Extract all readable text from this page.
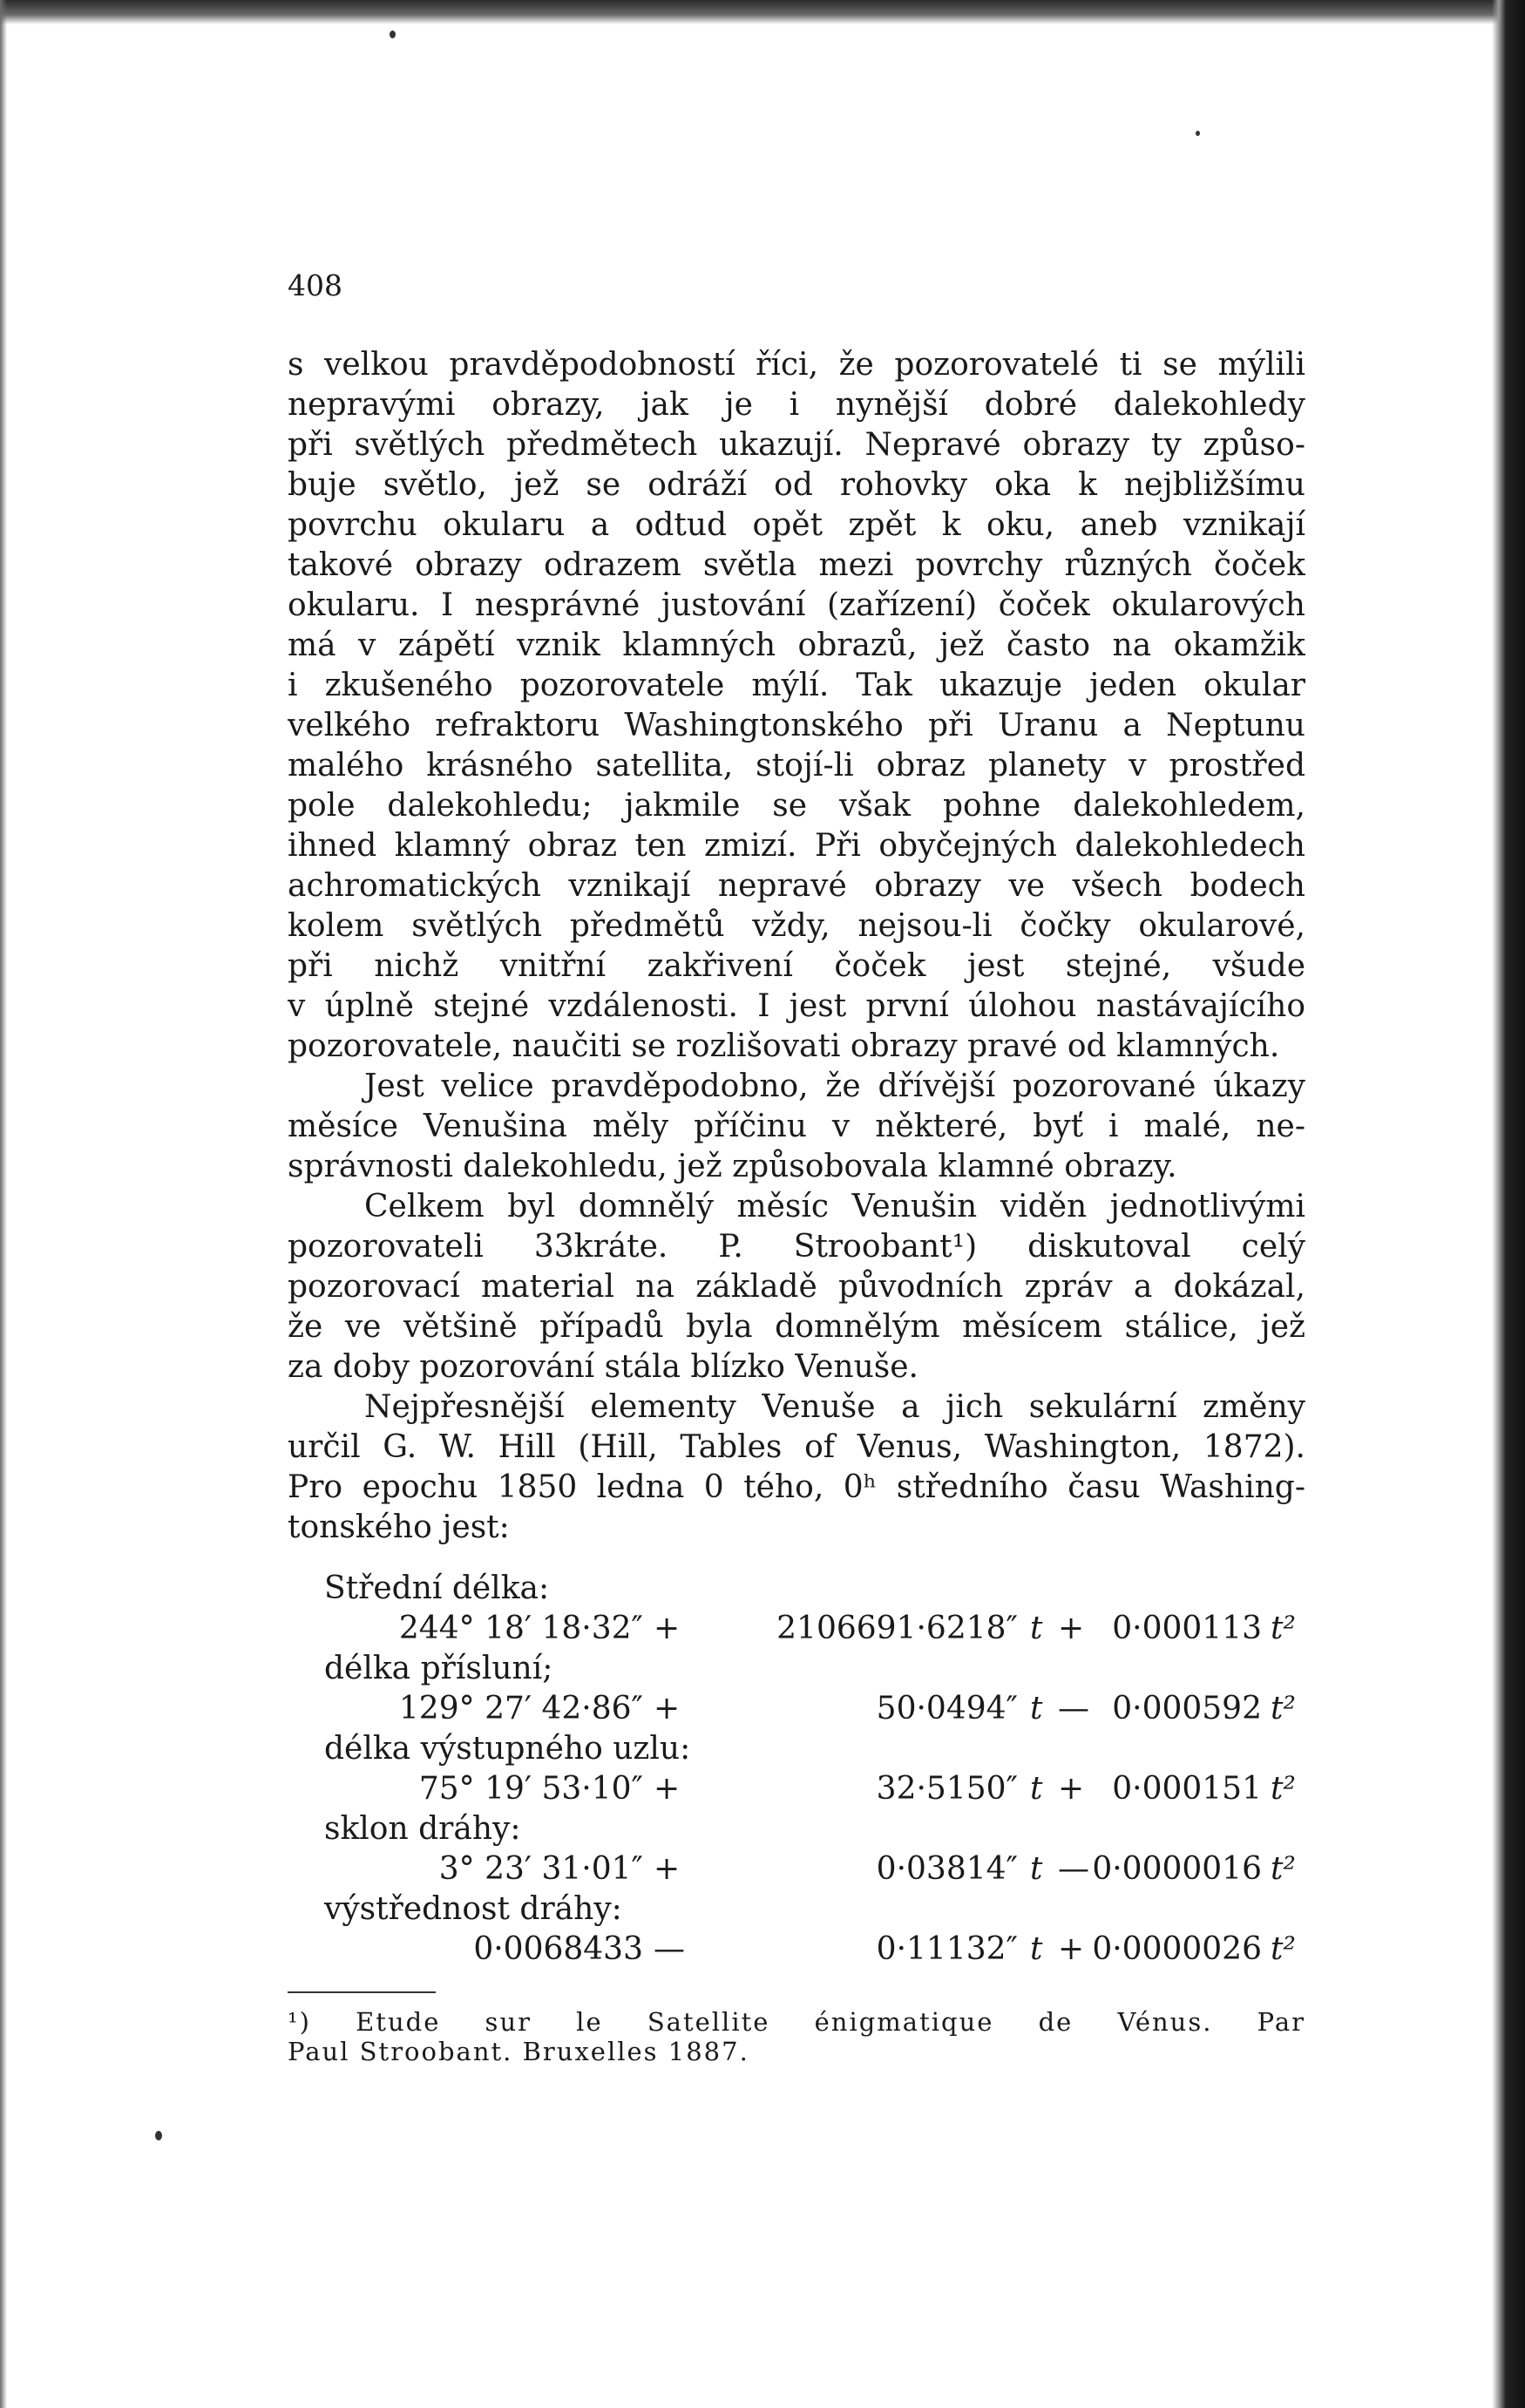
408

s velkou pravděpodobností říci, že pozorovatelé ti se mýlili

nepravými obrazy, jak je i nynější dobré dalekohledy

při světlých předmětech ukazují. Nepravé obrazy ty způso-

buje světlo, jež se odráží od rohovky oka k nejbližšímu

povrchu okularu a odtud opět zpět k oku, aneb vznikají

takové obrazy odrazem světla mezi povrchy různých čoček

okularu. I nesprávné justování (zařízení) čoček okularových

má v zápětí vznik klamných obrazů, jež často na okamžik

i zkušeného pozorovatele mýlí. Tak ukazuje jeden okular

velkého refraktoru Washingtonského při Uranu a Neptunu

malého krásného satellita, stojí-li obraz planety v prostřed

pole dalekohledu; jakmile se však pohne dalekohledem,

ihned klamný obraz ten zmizí. Při obyčejných dalekohledech

achromatických vznikají nepravé obrazy ve všech bodech

kolem světlých předmětů vždy, nejsou-li čočky okularové,

při nichž vnitřní zakřivení čoček jest stejné, všude

v úplně stejné vzdálenosti. I jest první úlohou nastávajícího

pozorovatele, naučiti se rozlišovati obrazy pravé od klamných.

Jest velice pravděpodobno, že dřívější pozorované úkazy

měsíce Venušina měly příčinu v některé, byť i malé, ne-

správnosti dalekohledu, jež způsobovala klamné obrazy.

Celkem byl domnělý měsíc Venušin viděn jednotlivými

pozorovateli 33kráte. P. Stroobant¹) diskutoval celý

pozorovací material na základě původních zpráv a dokázal,

že ve většině případů byla domnělým měsícem stálice, jež

za doby pozorování stála blízko Venuše.

Nejpřesnější elementy Venuše a jich sekulární změny

určil G. W. Hill (Hill, Tables of Venus, Washington, 1872).

Pro epochu 1850 ledna 0 tého, 0ʰ středního času Washing-

tonského jest:

Střední délka:
244° 18′ 18·32″ +	2106691·6218″ t + 0·000113 t²
délka přísluní;
129° 27′ 42·86″ +	50·0494″ t — 0·000592 t²
délka výstupného uzlu:
75° 19′ 53·10″ +	32·5150″ t + 0·000151 t²
sklon dráhy:
3° 23′ 31·01″ +	0·03814″ t — 0·0000016 t²
výstřednost dráhy:
0·0068433 —	0·11132″ t + 0·0000026 t²

¹) Etude sur le Satellite énigmatique de Vénus. Par

Paul Stroobant. Bruxelles 1887.
